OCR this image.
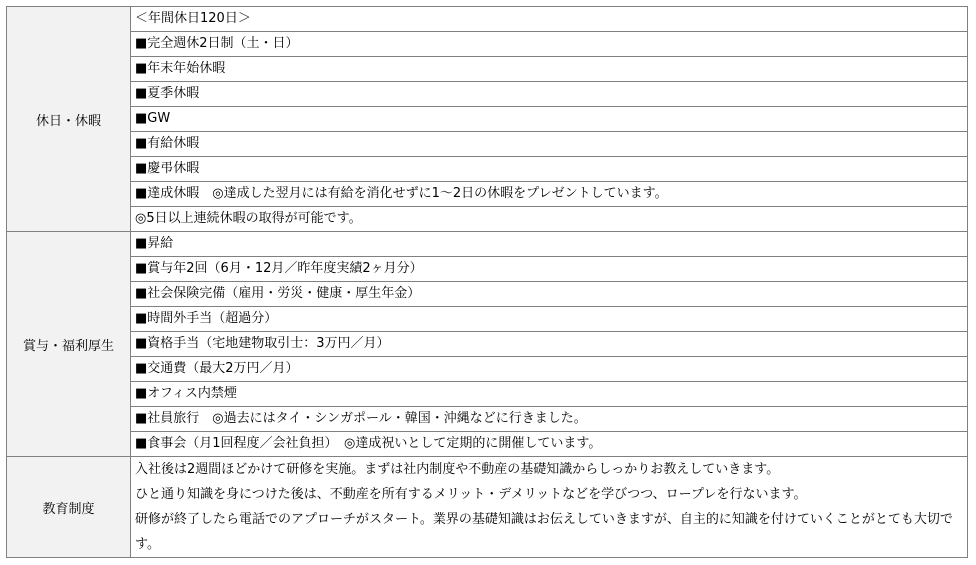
休日・休暇	＜年間休日120日＞
	■完全週休2日制（土・日）
	■年末年始休暇
	■夏季休暇
	■GW
	■有給休暇
	■慶弔休暇
	■達成休暇　◎達成した翌月には有給を消化せずに1～2日の休暇をプレゼントしています。
	◎5日以上連続休暇の取得が可能です。
賞与・福利厚生	■昇給
	■賞与年2回（6月・12月／昨年度実績2ヶ月分）
	■社会保険完備（雇用・労災・健康・厚生年金）
	■時間外手当（超過分）
	■資格手当（宅地建物取引士：3万円／月）
	■交通費（最大2万円／月）
	■オフィス内禁煙
	■社員旅行　◎過去にはタイ・シンガポール・韓国・沖縄などに行きました。
	■食事会（月1回程度／会社負担）　◎達成祝いとして定期的に開催しています。
教育制度	入社後は2週間ほどかけて研修を実施。まずは社内制度や不動産の基礎知識からしっかりお教えしていきます。
ひと通り知識を身につけた後は、不動産を所有するメリット・デメリットなどを学びつつ、ロープレを行ないます。
研修が終了したら電話でのアプローチがスタート。業界の基礎知識はお伝えしていきますが、自主的に知識を付けていくことがとても大切です。
